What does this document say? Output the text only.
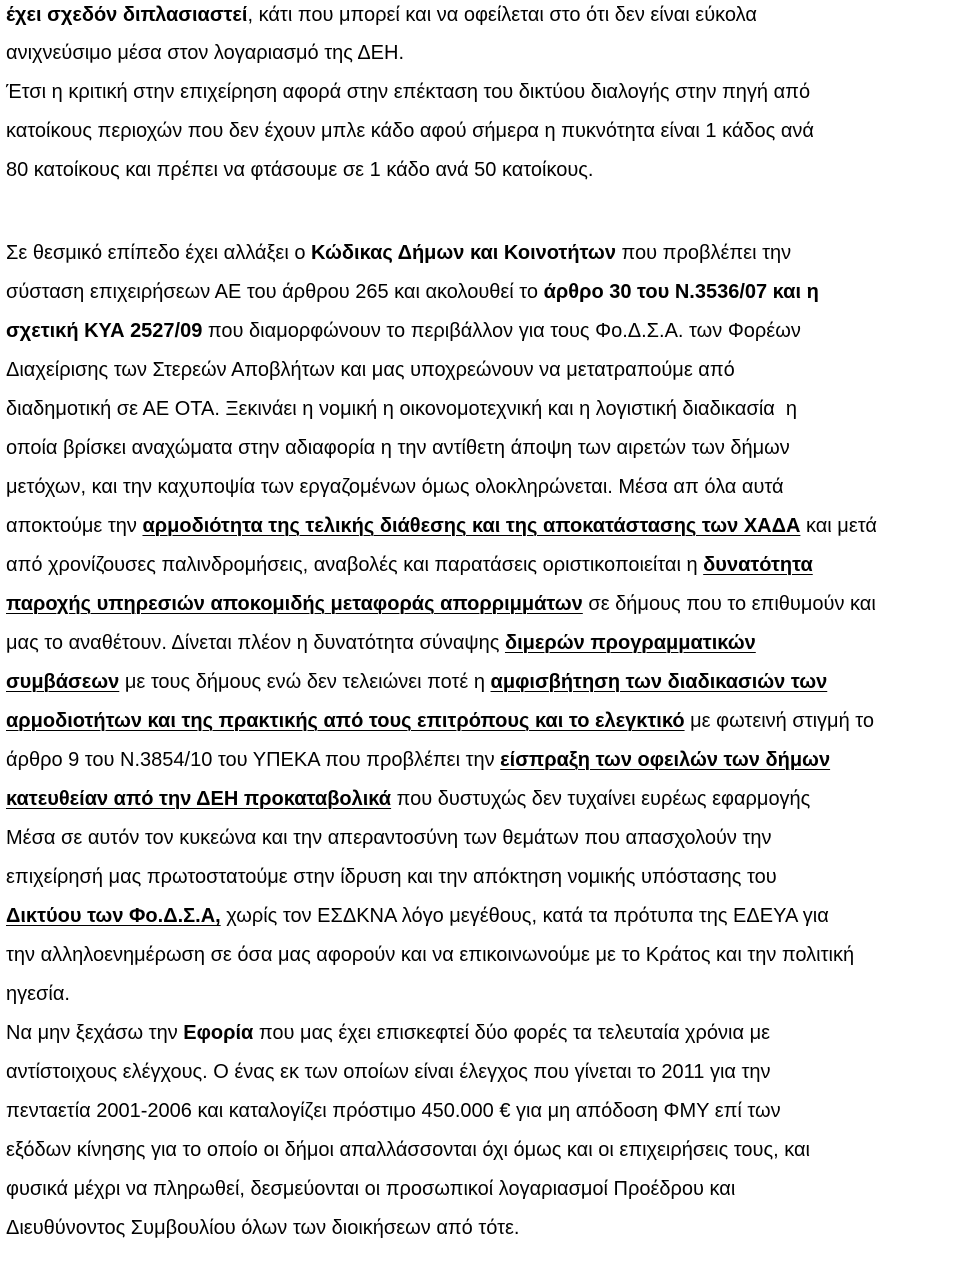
έχει σχεδόν διπλασιαστεί, κάτι που μπορεί και να οφείλεται στο ότι δεν είναι εύκολα
ανιχνεύσιμο μέσα στον λογαριασμό της ΔΕΗ.
Έτσι η κριτική στην επιχείρηση αφορά στην επέκταση του δικτύου διαλογής στην πηγή από
κατοίκους περιοχών που δεν έχουν μπλε κάδο αφού σήμερα η πυκνότητα είναι 1 κάδος ανά
80 κατοίκους και πρέπει να φτάσουμε σε 1 κάδο ανά 50 κατοίκους.
Σε θεσμικό επίπεδο έχει αλλάξει ο Κώδικας Δήμων και Κοινοτήτων που προβλέπει την
σύσταση επιχειρήσεων ΑΕ του άρθρου 265 και ακολουθεί το άρθρο 30 του Ν.3536/07 και η
σχετική ΚΥΑ 2527/09 που διαμορφώνουν το περιβάλλον για τους Φο.Δ.Σ.Α. των Φορέων
Διαχείρισης των Στερεών Αποβλήτων και μας υποχρεώνουν να μετατραπούμε από
διαδημοτική σε ΑΕ ΟΤΑ. Ξεκινάει η νομική η οικονομοτεχνική και η λογιστική διαδικασία  η
οποία βρίσκει αναχώματα στην αδιαφορία η την αντίθετη άποψη των αιρετών των δήμων
μετόχων, και την καχυποψία των εργαζομένων όμως ολοκληρώνεται. Μέσα απ όλα αυτά
αποκτούμε την αρμοδιότητα της τελικής διάθεσης και της αποκατάστασης των ΧΑΔΑ και μετά
από χρονίζουσες παλινδρομήσεις, αναβολές και παρατάσεις οριστικοποιείται η δυνατότητα
παροχής υπηρεσιών αποκομιδής μεταφοράς απορριμμάτων σε δήμους που το επιθυμούν και
μας το αναθέτουν. Δίνεται πλέον η δυνατότητα σύναψης διμερών προγραμματικών
συμβάσεων με τους δήμους ενώ δεν τελειώνει ποτέ η αμφισβήτηση των διαδικασιών των
αρμοδιοτήτων και της πρακτικής από τους επιτρόπους και το ελεγκτικό με φωτεινή στιγμή το
άρθρο 9 του Ν.3854/10 του ΥΠΕΚΑ που προβλέπει την είσπραξη των οφειλών των δήμων
κατευθείαν από την ΔΕΗ προκαταβολικά που δυστυχώς δεν τυχαίνει ευρέως εφαρμογής
Μέσα σε αυτόν τον κυκεώνα και την απεραντοσύνη των θεμάτων που απασχολούν την
επιχείρησή μας πρωτοστατούμε στην ίδρυση και την απόκτηση νομικής υπόστασης του
Δικτύου των Φο.Δ.Σ.Α, χωρίς τον ΕΣΔΚΝΑ λόγο μεγέθους, κατά τα πρότυπα της ΕΔΕΥΑ για
την αλληλοενημέρωση σε όσα μας αφορούν και να επικοινωνούμε με το Κράτος και την πολιτική
ηγεσία.
Να μην ξεχάσω την Εφορία που μας έχει επισκεφτεί δύο φορές τα τελευταία χρόνια με
αντίστοιχους ελέγχους. Ο ένας εκ των οποίων είναι έλεγχος που γίνεται το 2011 για την
πενταετία 2001-2006 και καταλογίζει πρόστιμο 450.000 € για μη απόδοση ΦΜΥ επί των
εξόδων κίνησης για το οποίο οι δήμοι απαλλάσσονται όχι όμως και οι επιχειρήσεις τους, και
φυσικά μέχρι να πληρωθεί, δεσμεύονται οι προσωπικοί λογαριασμοί Προέδρου και
Διευθύνοντος Συμβουλίου όλων των διοικήσεων από τότε.
